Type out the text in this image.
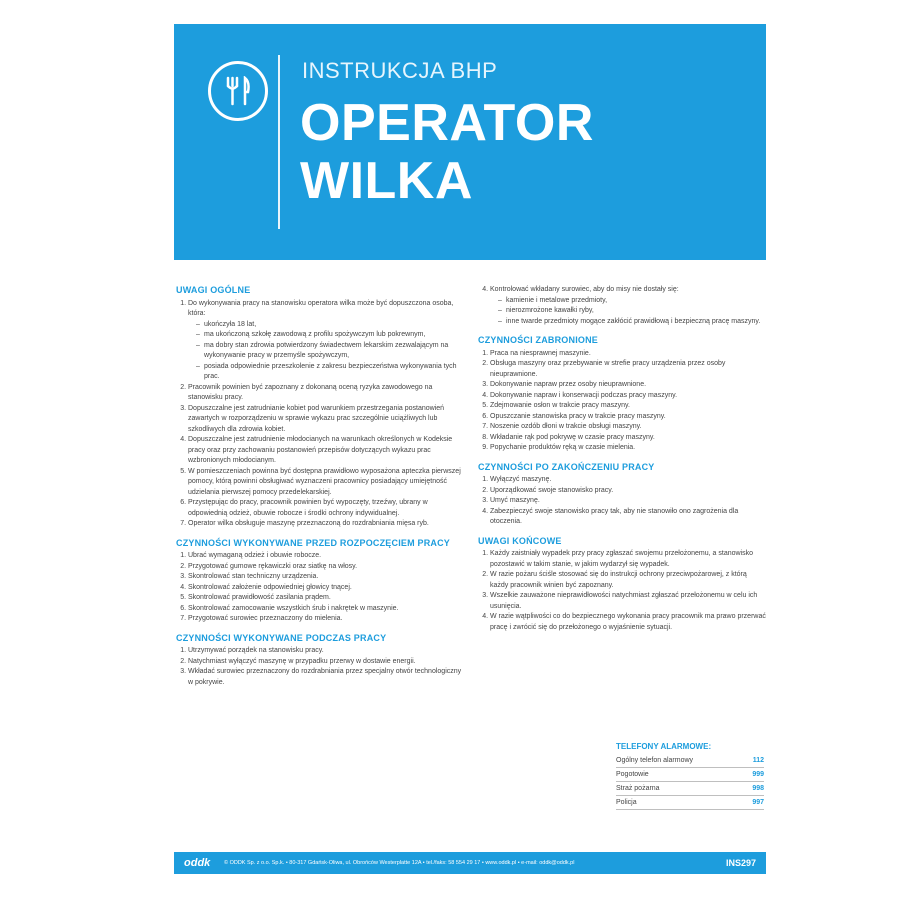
INSTRUKCJA BHP
OPERATOR
WILKA
UWAGI OGÓLNE
1. Do wykonywania pracy na stanowisku operatora wilka może być dopuszczona osoba, która:
– ukończyła 18 lat,
– ma ukończoną szkołę zawodową z profilu spożywczym lub pokrewnym,
– ma dobry stan zdrowia potwierdzony świadectwem lekarskim zezwalającym na wykonywanie pracy w przemyśle spożywczym,
– posiada odpowiednie przeszkolenie z zakresu bezpieczeństwa wykonywania tych prac.
2. Pracownik powinien być zapoznany z dokonaną oceną ryzyka zawodowego na stanowisku pracy.
3. Dopuszczalne jest zatrudnianie kobiet pod warunkiem przestrzegania postanowień zawartych w rozporządzeniu w sprawie wykazu prac szczególnie uciążliwych lub szkodliwych dla zdrowia kobiet.
4. Dopuszczalne jest zatrudnienie młodocianych na warunkach określonych w Kodeksie pracy oraz przy zachowaniu postanowień przepisów dotyczących wykazu prac wzbronionych młodocianym.
5. W pomieszczeniach powinna być dostępna prawidłowo wyposażona apteczka pierwszej pomocy, którą powinni obsługiwać wyznaczeni pracownicy posiadający umiejętność udzielania pierwszej pomocy przedelekarskiej.
6. Przystępując do pracy, pracownik powinien być wypoczęty, trzeźwy, ubrany w odpowiednią odzież, obuwie robocze i środki ochrony indywidualnej.
7. Operator wilka obsługuje maszynę przeznaczoną do rozdrabniania mięsa ryb.
CZYNNOŚCI WYKONYWANE PRZED ROZPOCZĘCIEM PRACY
1. Ubrać wymaganą odzież i obuwie robocze.
2. Przygotować gumowe rękawiczki oraz siatkę na włosy.
3. Skontrolować stan techniczny urządzenia.
4. Skontrolować założenie odpowiedniej głowicy tnącej.
5. Skontrolować prawidłowość zasilania prądem.
6. Skontrolować zamocowanie wszystkich śrub i nakrętek w maszynie.
7. Przygotować surowiec przeznaczony do mielenia.
CZYNNOŚCI WYKONYWANE PODCZAS PRACY
1. Utrzymywać porządek na stanowisku pracy.
2. Natychmiast wyłączyć maszynę w przypadku przerwy w dostawie energii.
3. Wkładać surowiec przeznaczony do rozdrabniania przez specjalny otwór technologiczny w pokrywie.
4. Kontrolować wkładany surowiec, aby do misy nie dostały się:
– kamienie i metalowe przedmioty,
– nierozmrożone kawałki ryby,
– inne twarde przedmioty mogące zakłócić prawidłową i bezpieczną pracę maszyny.
CZYNNOŚCI ZABRONIONE
1. Praca na niesprawnej maszynie.
2. Obsługa maszyny oraz przebywanie w strefie pracy urządzenia przez osoby nieuprawnione.
3. Dokonywanie napraw przez osoby nieuprawnione.
4. Dokonywanie napraw i konserwacji podczas pracy maszyny.
5. Zdejmowanie osłon w trakcie pracy maszyny.
6. Opuszczanie stanowiska pracy w trakcie pracy maszyny.
7. Noszenie ozdób dłoni w trakcie obsługi maszyny.
8. Wkładanie rąk pod pokrywę w czasie pracy maszyny.
9. Popychanie produktów ręką w czasie mielenia.
CZYNNOŚCI PO ZAKOŃCZENIU PRACY
1. Wyłączyć maszynę.
2. Uporządkować swoje stanowisko pracy.
3. Umyć maszynę.
4. Zabezpieczyć swoje stanowisko pracy tak, aby nie stanowiło ono zagrożenia dla otoczenia.
UWAGI KOŃCOWE
1. Każdy zaistniały wypadek przy pracy zgłaszać swojemu przełożonemu, a stanowisko pozostawić w takim stanie, w jakim wydarzył się wypadek.
2. W razie pożaru ściśle stosować się do instrukcji ochrony przeciwpożarowej, z którą każdy pracownik winien być zapoznany.
3. Wszelkie zauważone nieprawidłowości natychmiast zgłaszać przełożonemu w celu ich usunięcia.
4. W razie wątpliwości co do bezpiecznego wykonania pracy pracownik ma prawo przerwać pracę i zwrócić się do przełożonego o wyjaśnienie sytuacji.
TELEFONY ALARMOWE:
Ogólny telefon alarmowy	112
Pogotowie	999
Straż pożarna	998
Policja	997
oddk © ODDK Sp. z o.o. Sp.k. • 80-317 Gdańsk-Oliwa, ul. Obrońców Westerplatte 12A • tel./faks: 58 554 29 17 • www.oddk.pl • e-mail: oddk@oddk.pl	INS297
